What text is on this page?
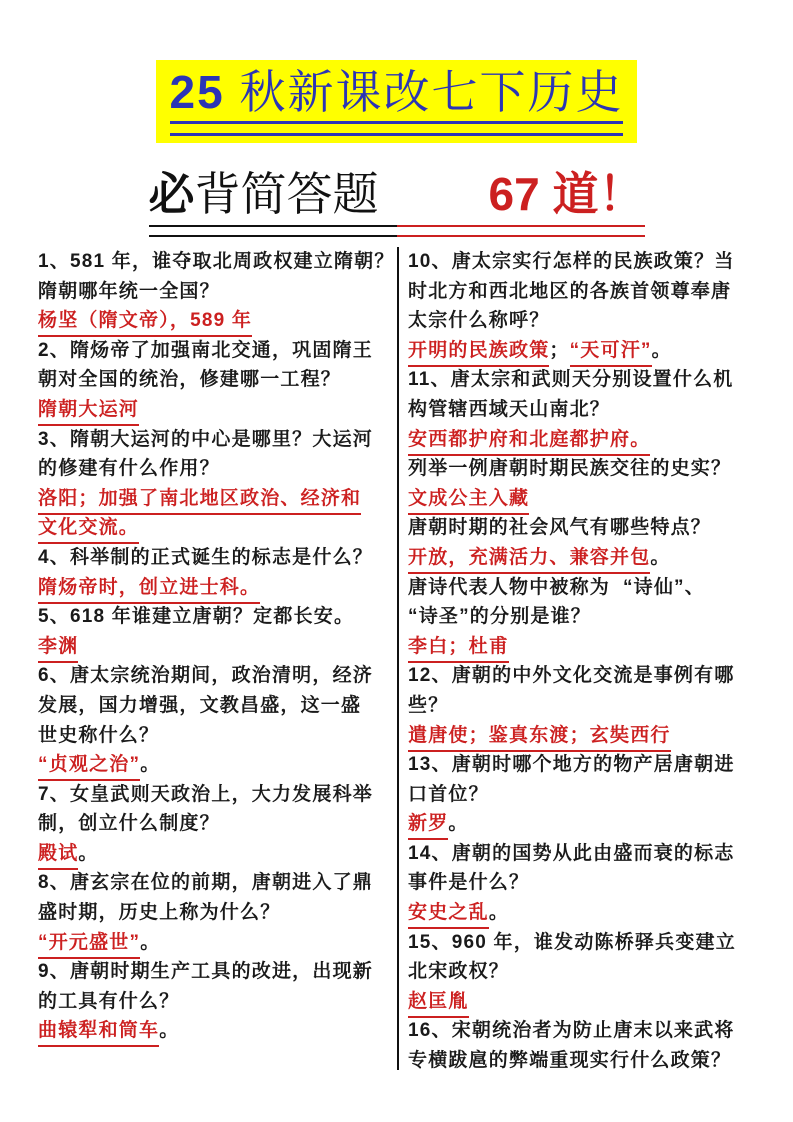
25 秋新课改七下历史
必背简答题 67 道！
1、581 年，谁夺取北周政权建立隋朝？
隋朝哪年统一全国？
杨坚（隋文帝），589 年
2、隋炀帝了加强南北交通，巩固隋王
朝对全国的统治，修建哪一工程？
隋朝大运河
3、隋朝大运河的中心是哪里？大运河
的修建有什么作用？
洛阳；加强了南北地区政治、经济和
文化交流。
4、科举制的正式诞生的标志是什么？
隋炀帝时，创立进士科。
5、618 年谁建立唐朝？定都长安。
李渊
6、唐太宗统治期间，政治清明，经济
发展，国力增强，文教昌盛，这一盛
世史称什么？
“贞观之治”。
7、女皇武则天政治上，大力发展科举
制，创立什么制度？
殿试。
8、唐玄宗在位的前期，唐朝进入了鼎
盛时期，历史上称为什么？
“开元盛世”。
9、唐朝时期生产工具的改进，出现新
的工具有什么？
曲辕犁和筒车。
10、唐太宗实行怎样的民族政策？当
时北方和西北地区的各族首领尊奉唐
太宗什么称呼？
开明的民族政策；“天可汗”。
11、唐太宗和武则天分别设置什么机
构管辖西域天山南北？
安西都护府和北庭都护府。
列举一例唐朝时期民族交往的史实？
文成公主入藏
唐朝时期的社会风气有哪些特点？
开放，充满活力、兼容并包。
唐诗代表人物中被称为  “诗仙”、
“诗圣”的分别是谁？
李白；杜甫
12、唐朝的中外文化交流是事例有哪
些？
遣唐使；鉴真东渡；玄奘西行
13、唐朝时哪个地方的物产居唐朝进
口首位？
新罗。
14、唐朝的国势从此由盛而衰的标志
事件是什么？
安史之乱。
15、960 年，谁发动陈桥驿兵变建立
北宋政权？
赵匡胤
16、宋朝统治者为防止唐末以来武将
专横跋扈的弊端重现实行什么政策？
